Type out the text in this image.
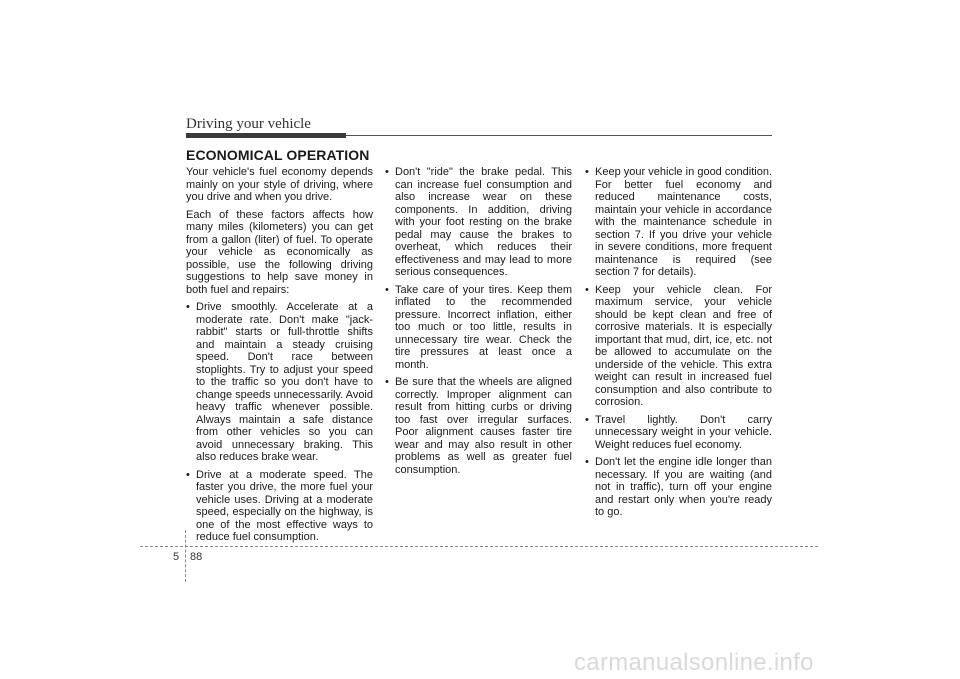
Driving your vehicle
ECONOMICAL OPERATION

Your vehicle's fuel economy depends mainly on your style of driving, where you drive and when you drive.

Each of these factors affects how many miles (kilometers) you can get from a gallon (liter) of fuel. To operate your vehicle as economically as possible, use the following driving suggestions to help save money in both fuel and repairs:

• Drive smoothly. Accelerate at a moderate rate. Don't make "jack-rabbit" starts or full-throttle shifts and maintain a steady cruising speed. Don't race between stoplights. Try to adjust your speed to the traffic so you don't have to change speeds unnecessarily. Avoid heavy traffic whenever possible. Always maintain a safe distance from other vehicles so you can avoid unnecessary braking. This also reduces brake wear.
• Drive at a moderate speed. The faster you drive, the more fuel your vehicle uses. Driving at a moderate speed, especially on the highway, is one of the most effective ways to reduce fuel consumption.
• Don't "ride" the brake pedal. This can increase fuel consumption and also increase wear on these components. In addition, driving with your foot resting on the brake pedal may cause the brakes to overheat, which reduces their effectiveness and may lead to more serious consequences.
• Take care of your tires. Keep them inflated to the recommended pressure. Incorrect inflation, either too much or too little, results in unnecessary tire wear. Check the tire pressures at least once a month.
• Be sure that the wheels are aligned correctly. Improper alignment can result from hitting curbs or driving too fast over irregular surfaces. Poor alignment causes faster tire wear and may also result in other problems as well as greater fuel consumption.
• Keep your vehicle in good condition. For better fuel economy and reduced maintenance costs, maintain your vehicle in accordance with the maintenance schedule in section 7. If you drive your vehicle in severe conditions, more frequent maintenance is required (see section 7 for details).
• Keep your vehicle clean. For maximum service, your vehicle should be kept clean and free of corrosive materials. It is especially important that mud, dirt, ice, etc. not be allowed to accumulate on the underside of the vehicle. This extra weight can result in increased fuel consumption and also contribute to corrosion.
• Travel lightly. Don't carry unnecessary weight in your vehicle. Weight reduces fuel economy.
• Don't let the engine idle longer than necessary. If you are waiting (and not in traffic), turn off your engine and restart only when you're ready to go.
5 88
carmanualsonline.info
